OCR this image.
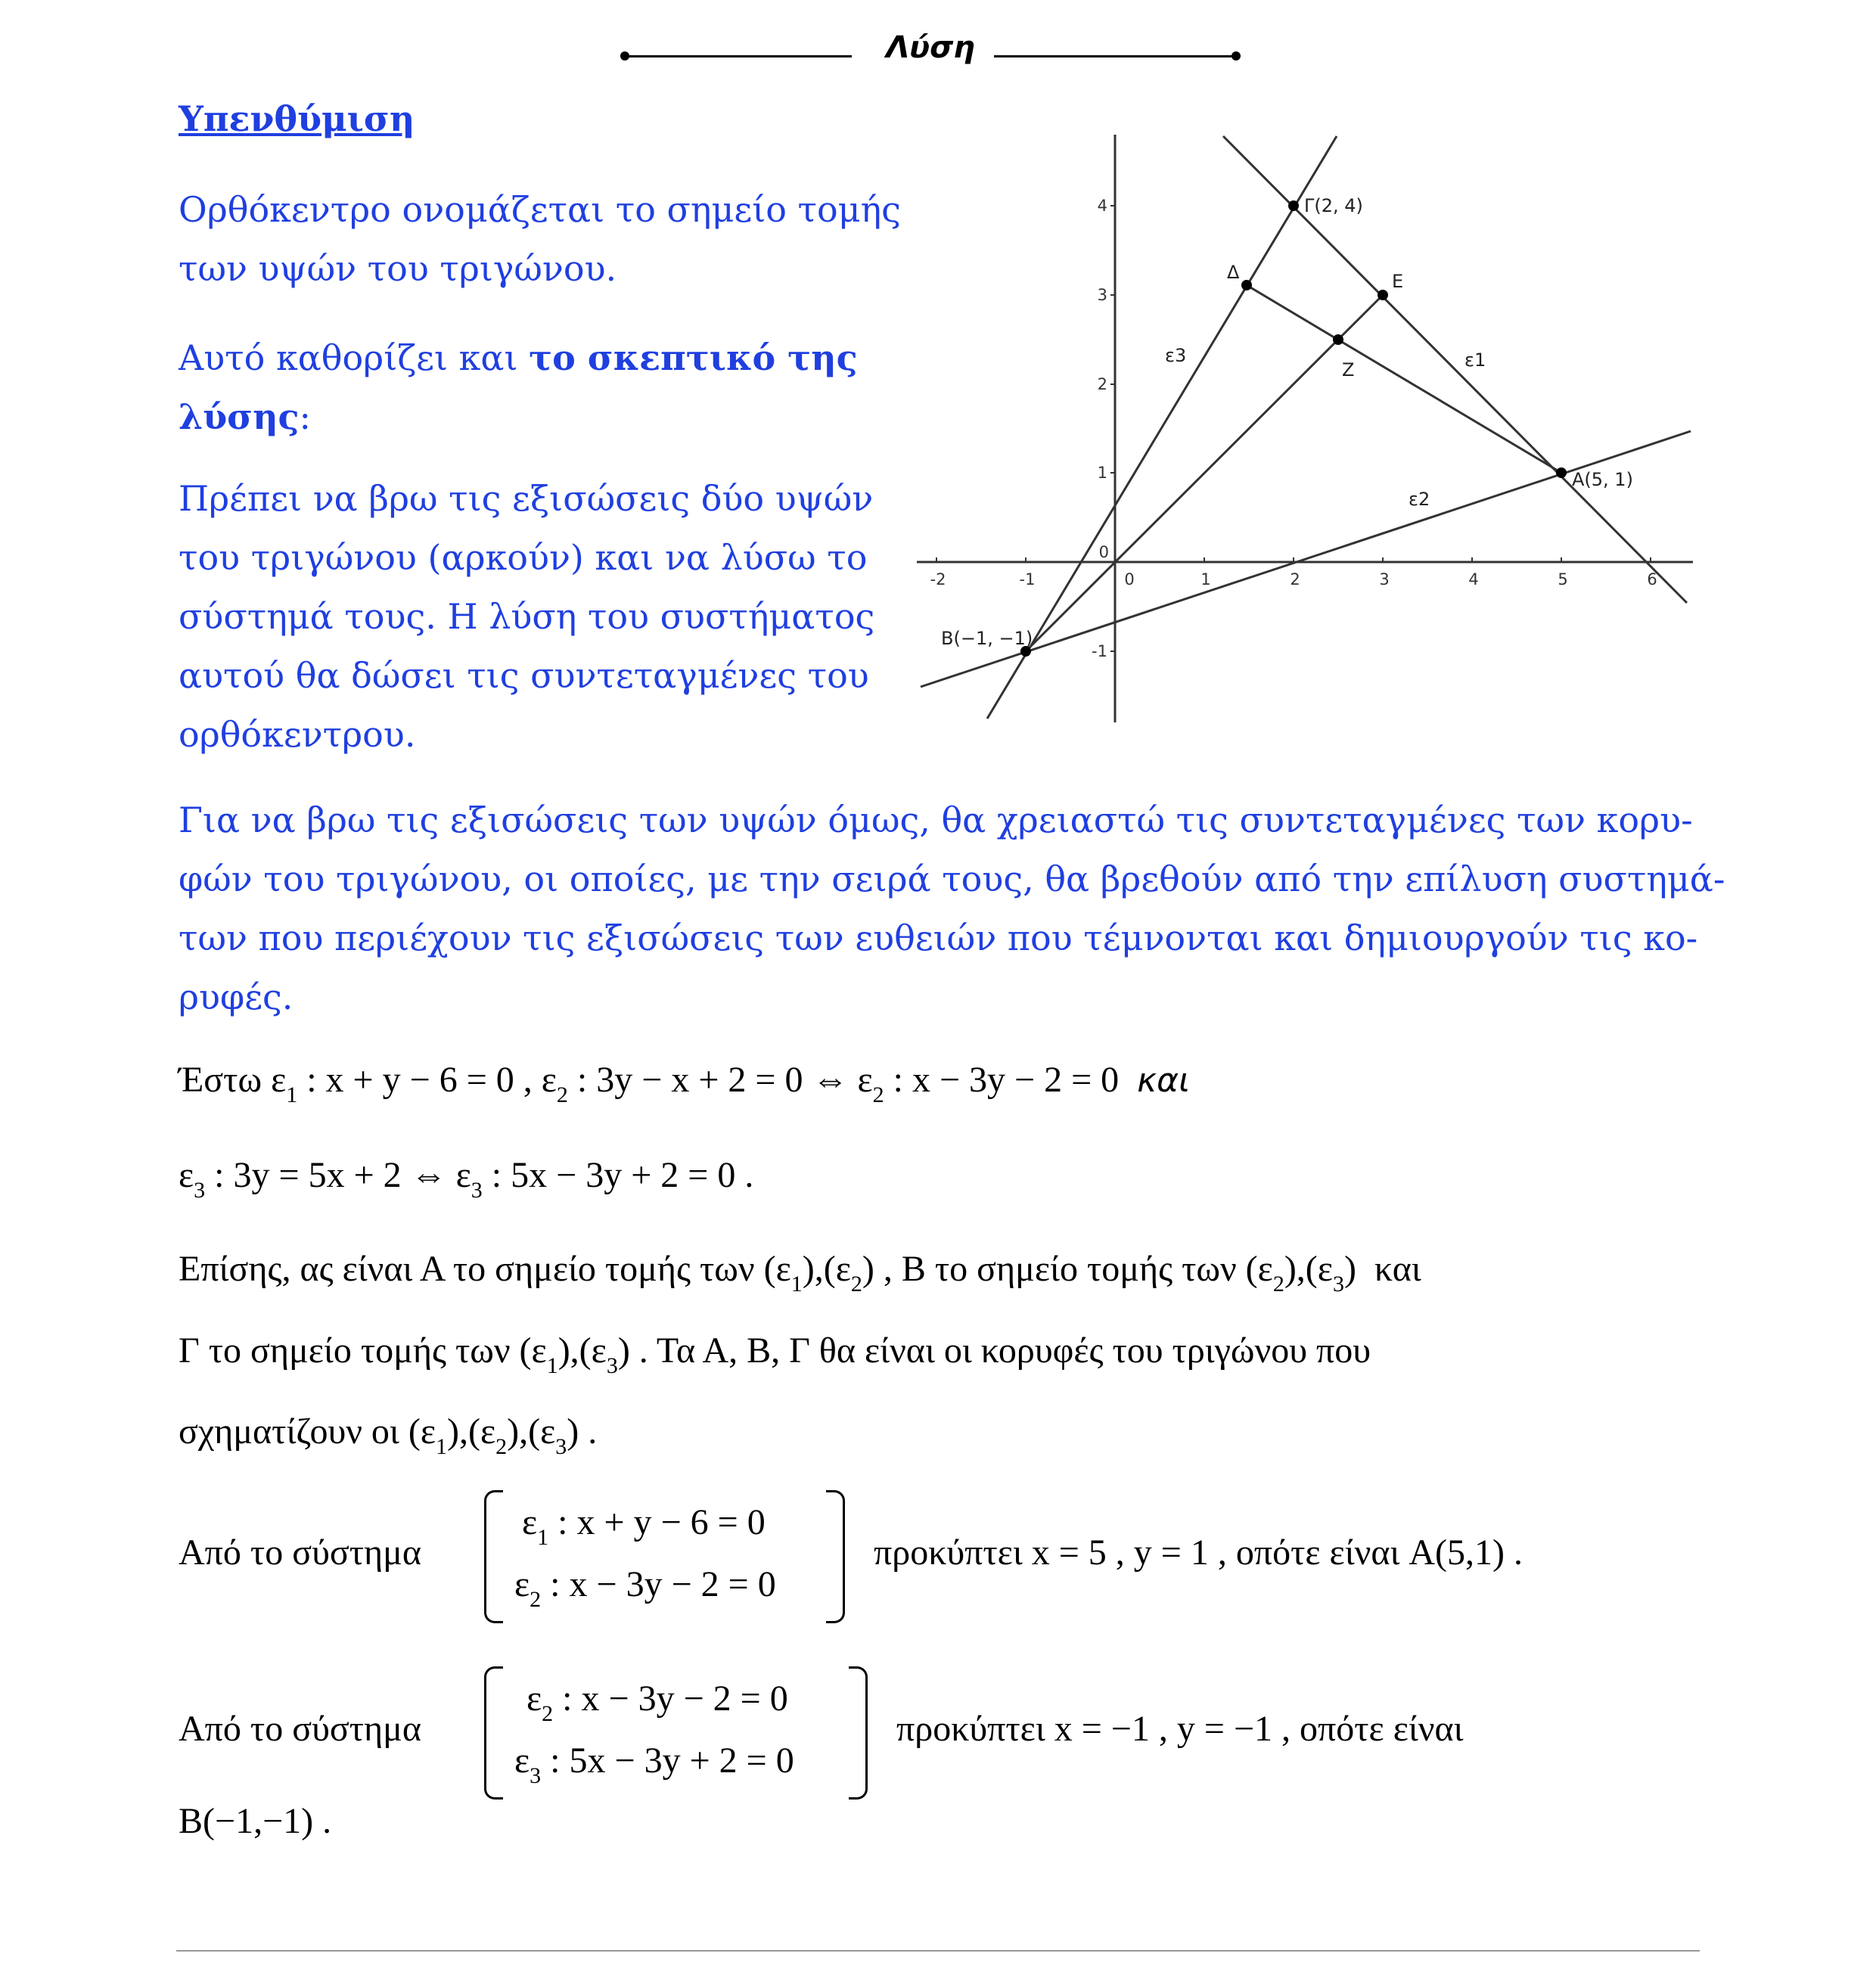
Λύση
Υπενθύμιση
Ορθόκεντρο ονομάζεται το σημείο τομής
των υψών του τριγώνου.
Αυτό καθορίζει και το σκεπτικό της
λύσης:
Πρέπει να βρω τις εξισώσεις δύο υψών
του τριγώνου (αρκούν) και να λύσω το
σύστημά τους. Η λύση του συστήματος
αυτού θα δώσει τις συντεταγμένες του
ορθόκεντρου.
-2	-1	0	1	2	3	4	5	6
4
3
2
1
0
-1
Γ(2, 4)
Δ	E
Z
A(5, 1)
B(−1, −1)
ε1
ε2
ε3
Για να βρω τις εξισώσεις των υψών όμως, θα χρειαστώ τις συντεταγμένες των κορυ-
φών του τριγώνου, οι οποίες, με την σειρά τους, θα βρεθούν από την επίλυση συστημά-
των που περιέχουν τις εξισώσεις των ευθειών που τέμνονται και δημιουργούν τις κο-
ρυφές.
Έστω $\varepsilon_1$ : x + y − 6 = 0 , $\varepsilon_2$ : 3y − x + 2 = 0 ⇔ $\varepsilon_2$ : x − 3y − 2 = 0 και
$\varepsilon_3$ : 3y = 5x + 2 ⇔ $\varepsilon_3$ : 5x − 3y + 2 = 0 .
Επίσης, ας είναι Α το σημείο τομής των $(\varepsilon_1),(\varepsilon_2)$ , Β το σημείο τομής των $(\varepsilon_2),(\varepsilon_3)$ και
Γ το σημείο τομής των $(\varepsilon_1),(\varepsilon_3)$ . Τα Α, Β, Γ θα είναι οι κορυφές του τριγώνου που
σχηματίζουν οι $(\varepsilon_1),(\varepsilon_2),(\varepsilon_3)$ .
Από το σύστημα
$\varepsilon_1$ : x + y − 6 = 0
$\varepsilon_2$ : x − 3y − 2 = 0
προκύπτει x = 5 , y = 1 , οπότε είναι A(5,1) .
Από το σύστημα
$\varepsilon_2$ : x − 3y − 2 = 0
$\varepsilon_3$ : 5x − 3y + 2 = 0
προκύπτει x = −1 , y = −1 , οπότε είναι
B(−1,−1) .
